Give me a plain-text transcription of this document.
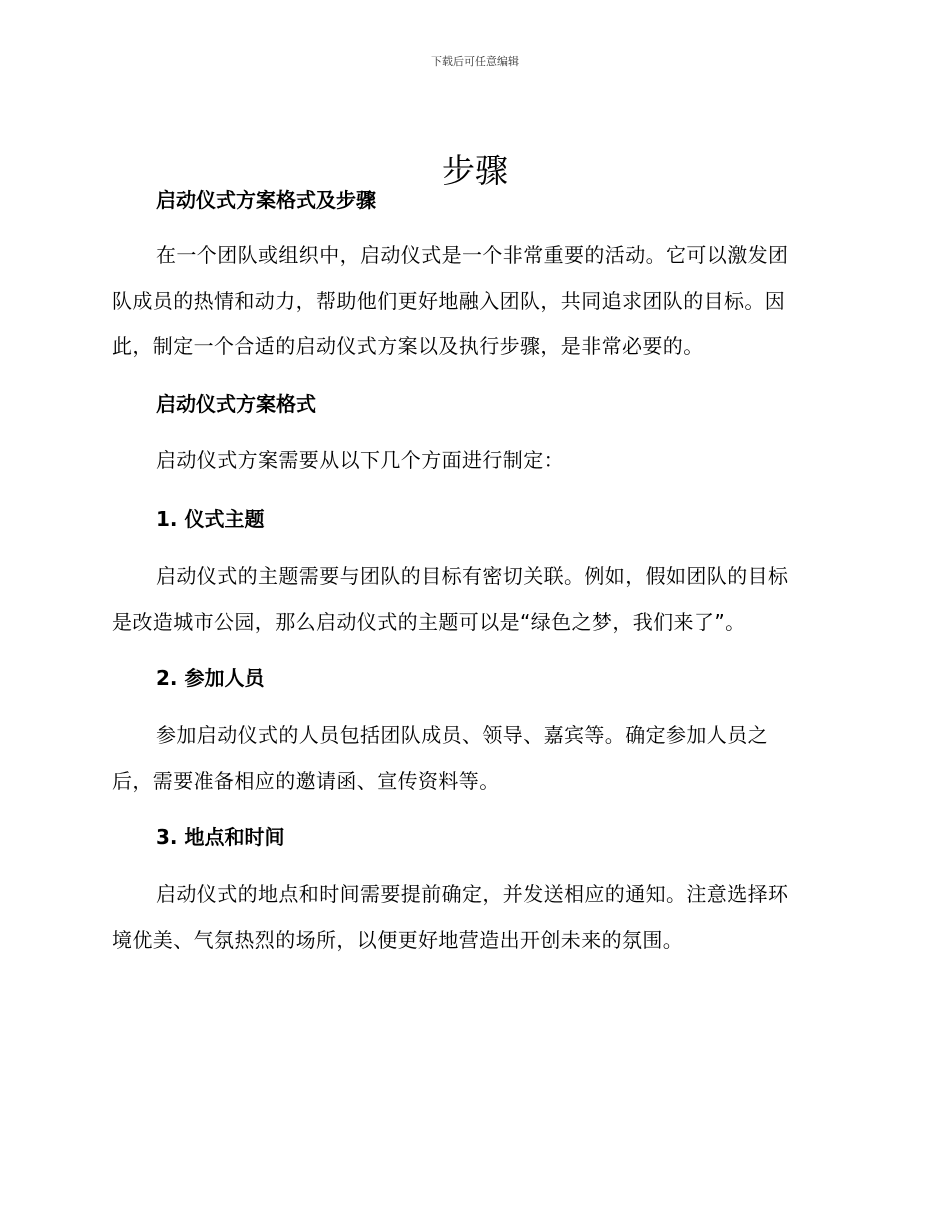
下载后可任意编辑
步骤
启动仪式方案格式及步骤
在一个团队或组织中，启动仪式是一个非常重要的活动。它可以激发团
队成员的热情和动力，帮助他们更好地融入团队，共同追求团队的目标。因
此，制定一个合适的启动仪式方案以及执行步骤，是非常必要的。
启动仪式方案格式
启动仪式方案需要从以下几个方面进行制定：
1. 仪式主题
启动仪式的主题需要与团队的目标有密切关联。例如，假如团队的目标
是改造城市公园，那么启动仪式的主题可以是“绿色之梦，我们来了”。
2. 参加人员
参加启动仪式的人员包括团队成员、领导、嘉宾等。确定参加人员之
后，需要准备相应的邀请函、宣传资料等。
3. 地点和时间
启动仪式的地点和时间需要提前确定，并发送相应的通知。注意选择环
境优美、气氛热烈的场所，以便更好地营造出开创未来的氛围。
